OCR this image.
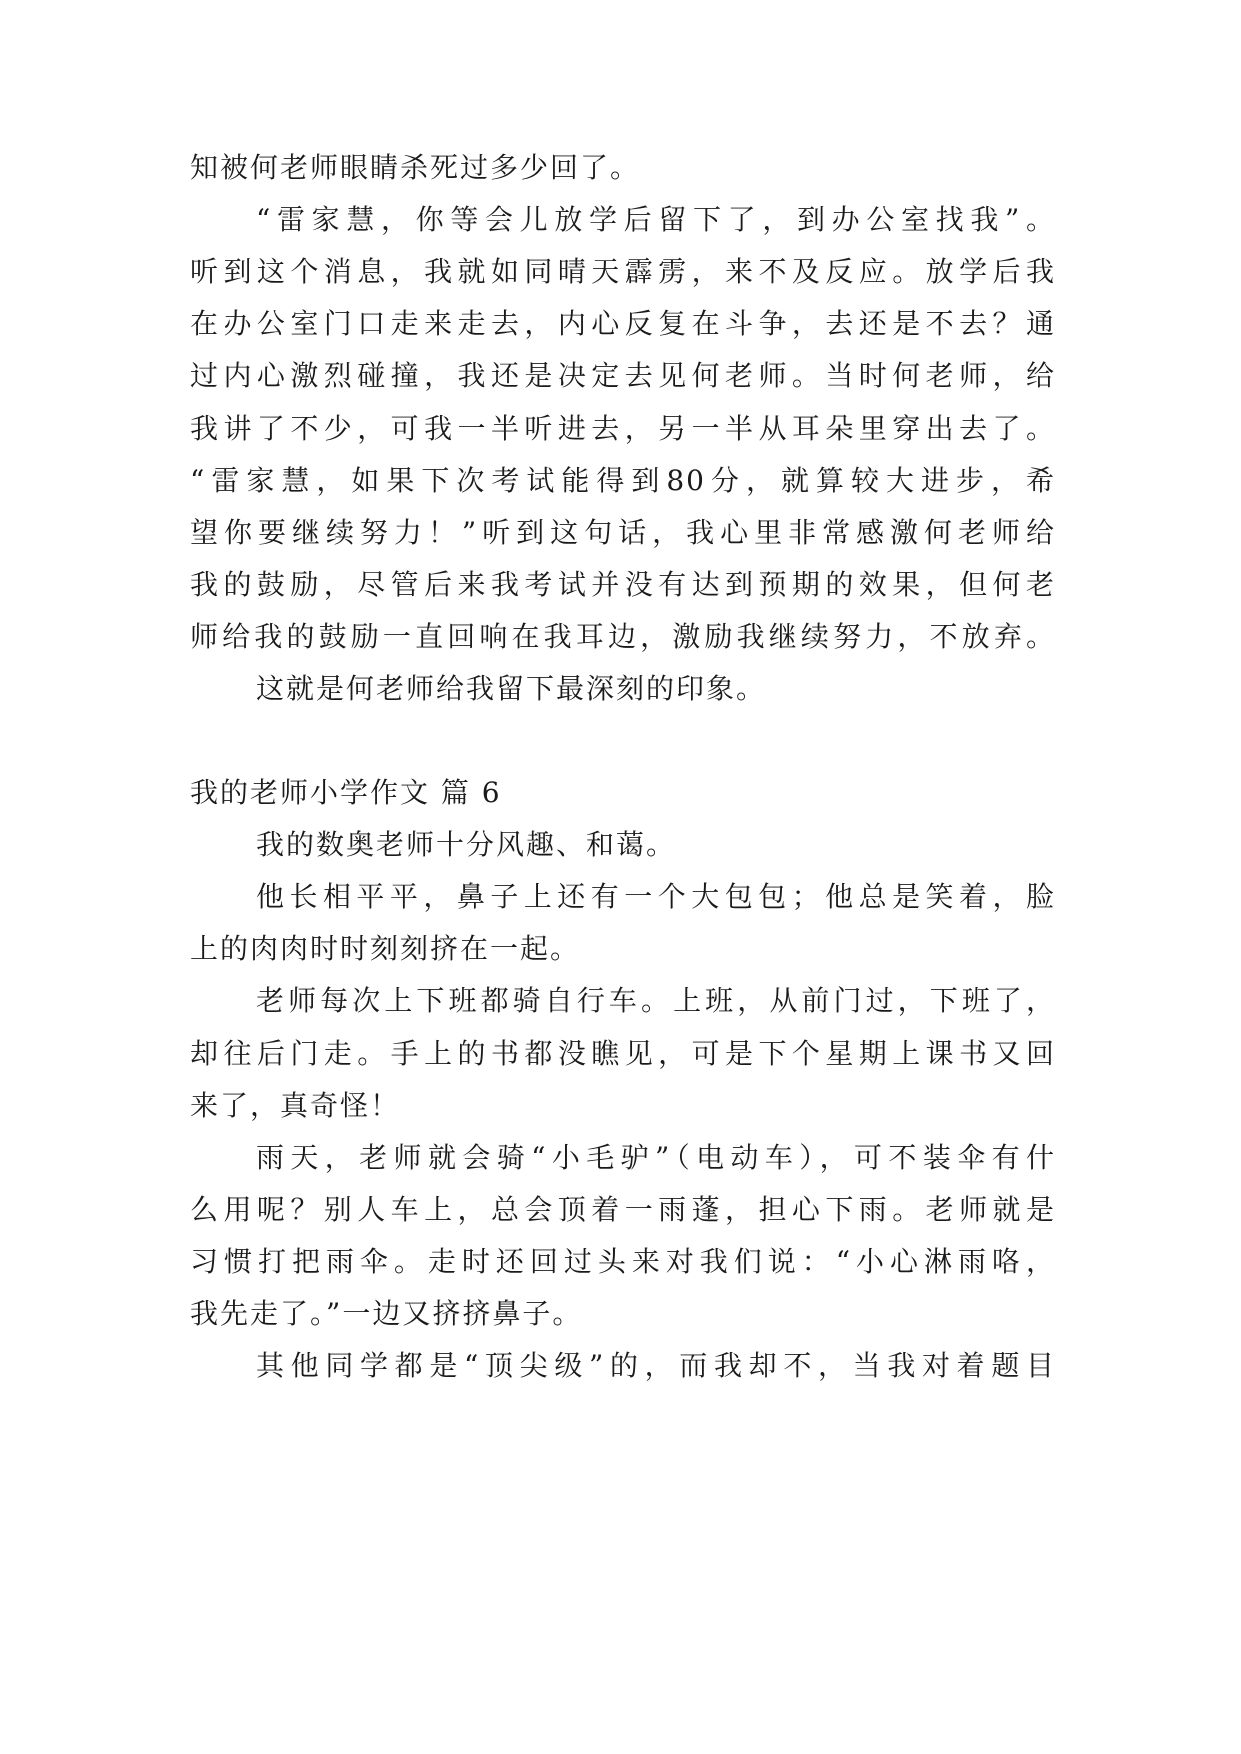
知被何老师眼睛杀死过多少回了。
“雷家慧，你等会儿放学后留下了，到办公室找我”。
听到这个消息，我就如同晴天霹雳，来不及反应。放学后我
在办公室门口走来走去，内心反复在斗争，去还是不去？通
过内心激烈碰撞，我还是决定去见何老师。当时何老师，给
我讲了不少，可我一半听进去，另一半从耳朵里穿出去了。
“雷家慧，如果下次考试能得到80分，就算较大进步，希
望你要继续努力！”听到这句话，我心里非常感激何老师给
我的鼓励，尽管后来我考试并没有达到预期的效果，但何老
师给我的鼓励一直回响在我耳边，激励我继续努力，不放弃。
这就是何老师给我留下最深刻的印象。
我的老师小学作文 篇 6
我的数奥老师十分风趣、和蔼。
他长相平平，鼻子上还有一个大包包；他总是笑着，脸
上的肉肉时时刻刻挤在一起。
老师每次上下班都骑自行车。上班，从前门过，下班了，
却往后门走。手上的书都没瞧见，可是下个星期上课书又回
来了，真奇怪！
雨天，老师就会骑“小毛驴”（电动车），可不装伞有什
么用呢？别人车上，总会顶着一雨蓬，担心下雨。老师就是
习惯打把雨伞。走时还回过头来对我们说：“小心淋雨咯，
我先走了。”一边又挤挤鼻子。
其他同学都是“顶尖级”的，而我却不，当我对着题目
